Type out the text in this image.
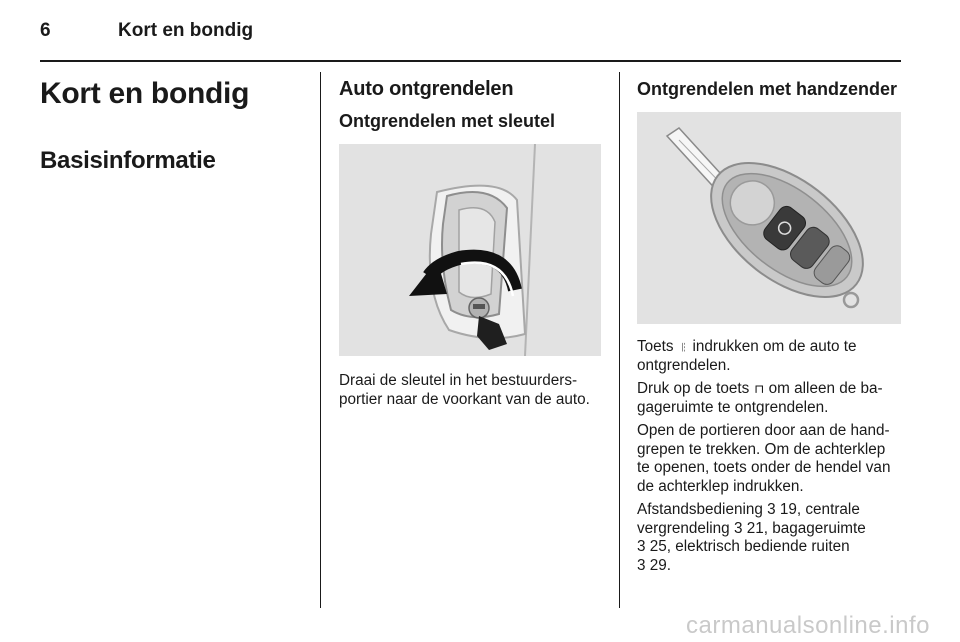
6	Kort en bondig
Kort en bondig
Basisinformatie
Auto ontgrendelen
Ontgrendelen met sleutel

Draai de sleutel in het bestuurders-
portier naar de voorkant van de auto.

Ontgrendelen met handzender

Toets ⎓ indrukken om de auto te
ontgrendelen.

Druk op de toets ⊐ om alleen de ba-
gageruimte te ontgrendelen.

Open de portieren door aan de hand-
grepen te trekken. Om de achterklep
te openen, toets onder de hendel van
de achterklep indrukken.

Afstandsbediening 3 19, centrale
vergrendeling 3 21, bagageruimte
3 25, elektrisch bediende ruiten
3 29.

carmanualsonline.info
